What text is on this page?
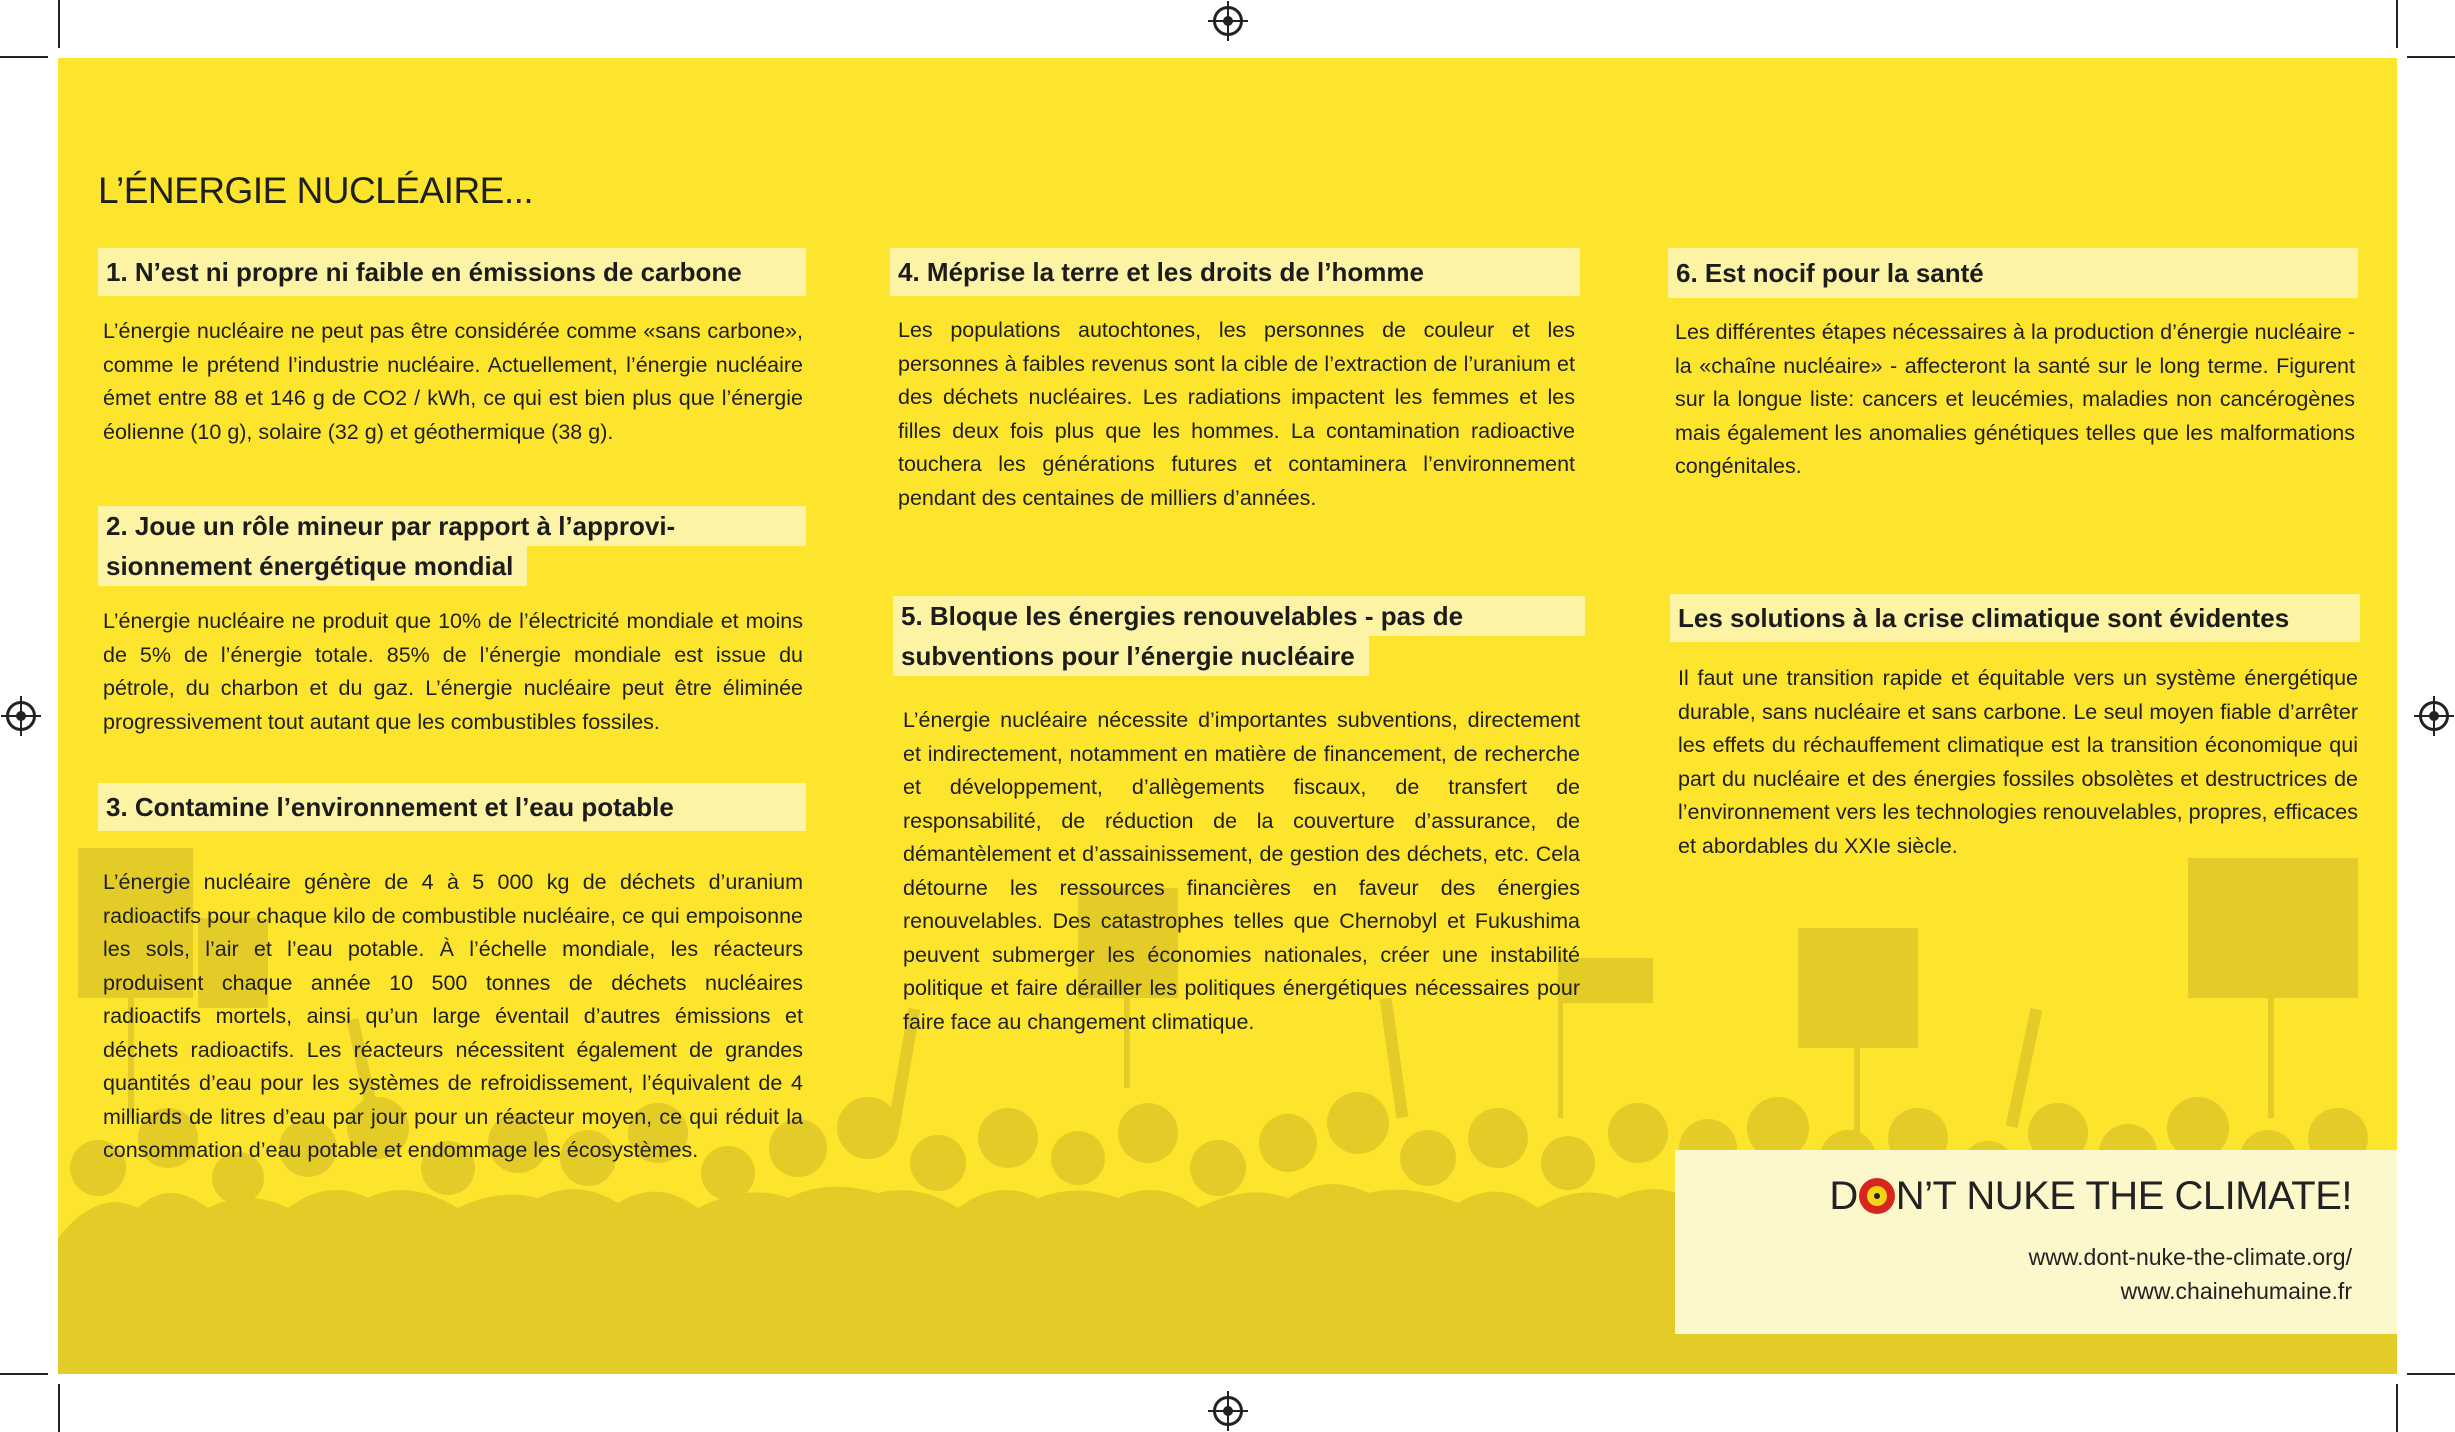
L’ÉNERGIE NUCLÉAIRE...
1. N’est ni propre ni faible en émissions de carbone
L’énergie nucléaire ne peut pas être considérée comme «sans carbone», comme le prétend l’industrie nucléaire. Actuellement, l’énergie nucléaire émet entre 88 et 146 g de CO2 / kWh, ce qui est bien plus que l’énergie éolienne (10 g), solaire (32 g) et géothermique (38 g).
2. Joue un rôle mineur par rapport à l’approvi-
sionnement énergétique mondial
L’énergie nucléaire ne produit que 10% de l’électricité mondiale et moins de 5% de l’énergie totale. 85% de l’énergie mondiale est issue du pétrole, du charbon et du gaz. L’énergie nucléaire peut être éliminée progressivement tout autant que les combustibles fossiles.
3. Contamine l’environnement et l’eau potable
L’énergie nucléaire génère de 4 à 5 000 kg de déchets d’uranium radioactifs pour chaque kilo de combustible nucléaire, ce qui empoisonne les sols, l’air et l’eau potable. À l’échelle mondiale, les réacteurs produisent chaque année 10 500 tonnes de déchets nucléaires radioactifs mortels, ainsi qu’un large éventail d’autres émissions et déchets radioactifs. Les réacteurs nécessitent également de grandes quantités d’eau pour les systèmes de refroidissement, l’équivalent de 4 milliards de litres d’eau par jour pour un réacteur moyen, ce qui réduit la consommation d’eau potable et endommage les écosystèmes.
4. Méprise la terre et les droits de l’homme
Les populations autochtones, les personnes de couleur et les personnes à faibles revenus sont la cible de l’extraction de l’uranium et des déchets nucléaires. Les radiations impactent les femmes et les filles deux fois plus que les hommes. La contamination radioactive touchera les générations futures et contaminera l’environnement pendant des centaines de milliers d’années.
5. Bloque les énergies renouvelables - pas de
subventions pour l’énergie nucléaire
L’énergie nucléaire nécessite d’importantes subventions, directement et indirectement, notamment en matière de financement, de recherche et développement, d’allègements fiscaux, de transfert de responsabilité, de réduction de la couverture d’assurance, de démantèlement et d’assainissement, de gestion des déchets, etc. Cela détourne les ressources financières en faveur des énergies renouvelables. Des catastrophes telles que Chernobyl et Fukushima peuvent submerger les économies nationales, créer une instabilité politique et faire dérailler les politiques énergétiques nécessaires pour faire face au changement climatique.
6. Est nocif pour la santé
Les différentes étapes nécessaires à la production d’énergie nucléaire - la «chaîne nucléaire» - affecteront la santé sur le long terme. Figurent sur la longue liste: cancers et leucémies, maladies non cancérogènes mais également les anomalies génétiques telles que les malformations congénitales.
Les solutions à la crise climatique sont évidentes
Il faut une transition rapide et équitable vers un système énergétique durable, sans nucléaire et sans carbone. Le seul moyen fiable d’arrêter les effets du réchauffement climatique est la transition économique qui part du nucléaire et des énergies fossiles obsolètes et destructrices de l’environnement vers les technologies renouvelables, propres, efficaces et abordables du XXIe siècle.
D N’T NUKE THE CLIMATE!
www.dont-nuke-the-climate.org/
www.chainehumaine.fr
